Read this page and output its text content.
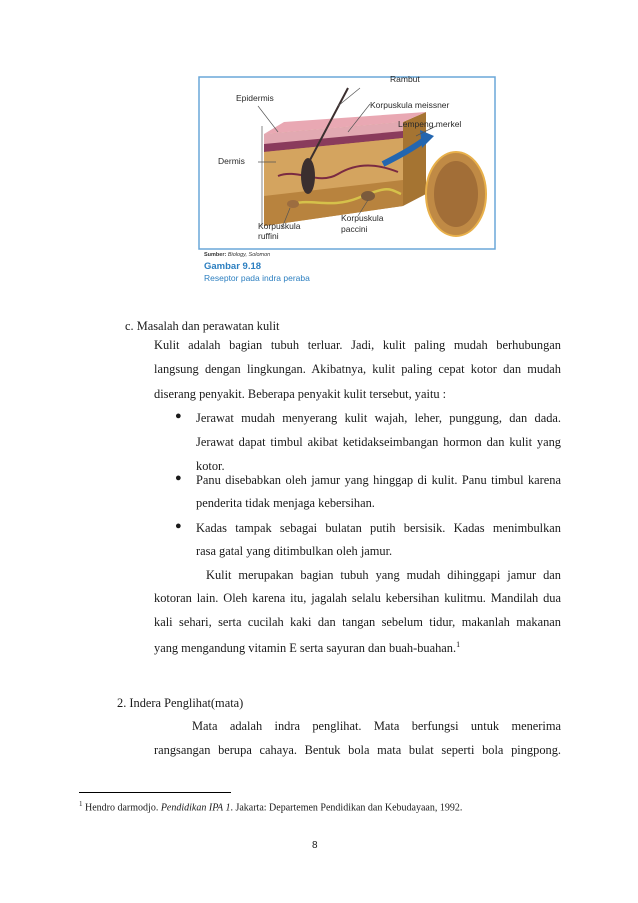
Epidermis
Dermis
Rambut
Korpuskula meissner
Lempeng merkel
Korpuskula
ruffini
Korpuskula
paccini
Sumber: Biology, Solomon
Gambar 9.18
Reseptor pada indra peraba
c. Masalah dan perawatan kulit
Kulit adalah bagian tubuh terluar. Jadi, kulit paling mudah berhubungan
langsung dengan lingkungan. Akibatnya, kulit paling cepat kotor dan mudah
diserang penyakit. Beberapa penyakit kulit tersebut, yaitu :
● Jerawat mudah menyerang kulit wajah, leher, punggung, dan dada.
Jerawat dapat timbul akibat ketidakseimbangan hormon dan kulit yang
kotor.
● Panu disebabkan oleh jamur yang hinggap di kulit. Panu timbul karena
penderita tidak menjaga kebersihan.
● Kadas tampak sebagai bulatan putih bersisik. Kadas menimbulkan
rasa gatal yang ditimbulkan oleh jamur.
Kulit merupakan bagian tubuh yang mudah dihinggapi jamur dan
kotoran lain. Oleh karena itu, jagalah selalu kebersihan kulitmu. Mandilah dua
kali sehari, serta cucilah kaki dan tangan sebelum tidur, makanlah makanan
yang mengandung vitamin E serta sayuran dan buah-buahan.$^1$
2. Indera Penglihat(mata)
Mata adalah indra penglihat. Mata berfungsi untuk menerima
rangsangan berupa cahaya. Bentuk bola mata bulat seperti bola pingpong.
$^1$ Hendro darmodjo. Pendidikan IPA 1. Jakarta: Departemen Pendidikan dan Kebudayaan, 1992.
8
